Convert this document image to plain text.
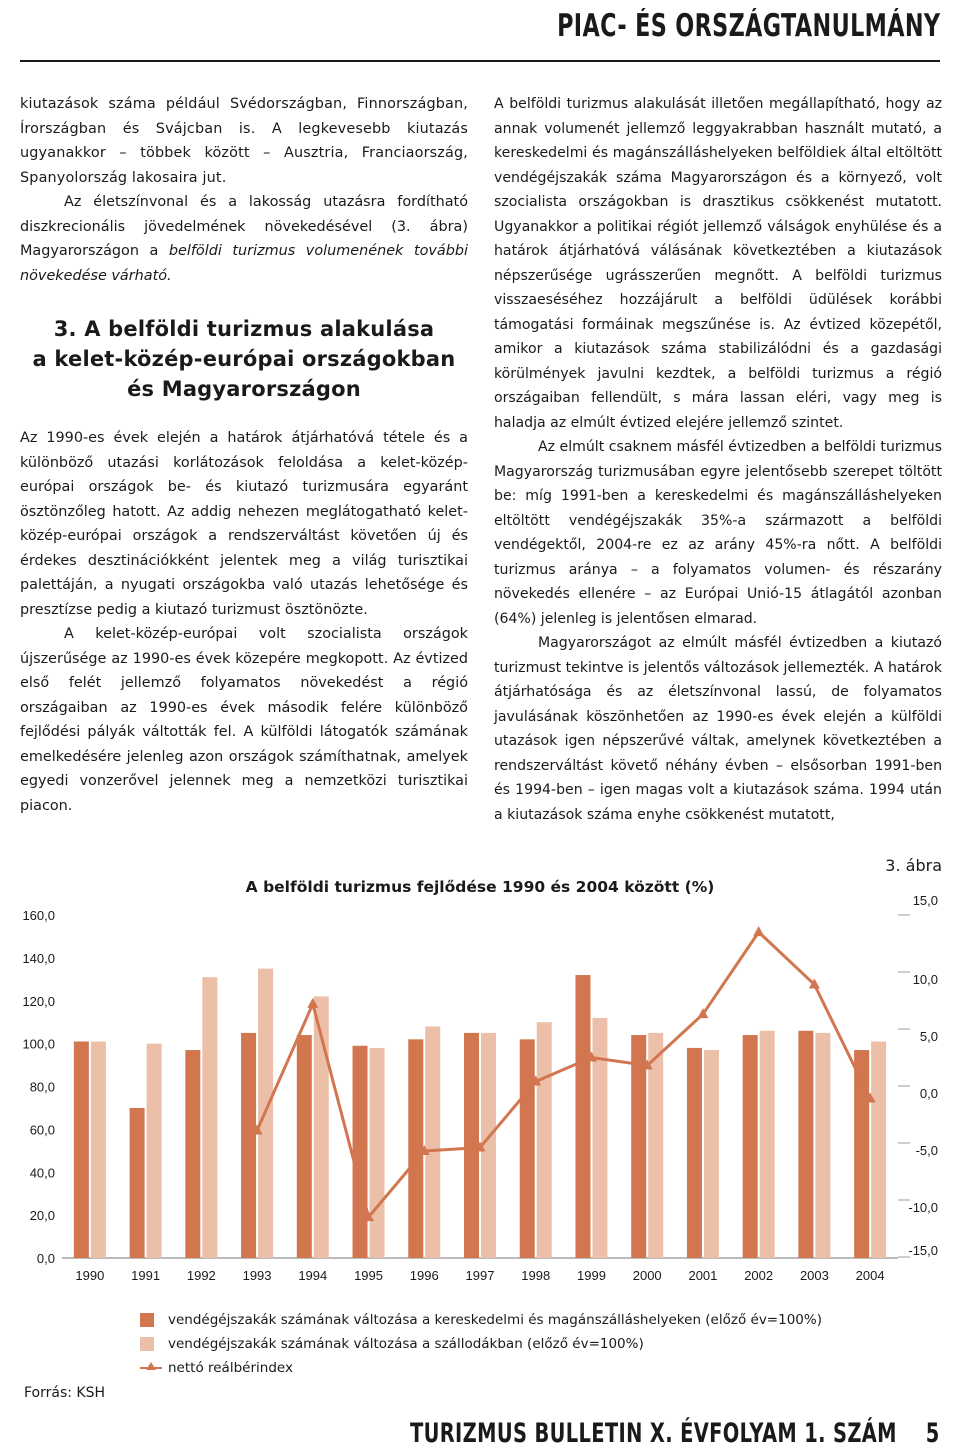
PIAC- ÉS ORSZÁGTANULMÁNY

kiutazások száma például Svédországban, Finnországban, Írországban és Svájcban is. A legkevesebb kiutazás ugyanakkor – többek között – Ausztria, Franciaország, Spanyolország lakosaira jut.

Az életszínvonal és a lakosság utazásra fordítható diszkrecionális jövedelmének növekedésével (3. ábra) Magyarországon a belföldi turizmus volumenének további növekedése várható.

3. A belföldi turizmus alakulása
a kelet-közép-európai országokban
és Magyarországon

Az 1990-es évek elején a határok átjárhatóvá tétele és a különböző utazási korlátozások feloldása a kelet-közép-európai országok be- és kiutazó turizmusára egyaránt ösztönzőleg hatott. Az addig nehezen meglátogatható kelet-közép-európai országok a rendszerváltást követően új és érdekes desztinációkként jelentek meg a világ turisztikai palettáján, a nyugati országokba való utazás lehetősége és presztízse pedig a kiutazó turizmust ösztönözte.

A kelet-közép-európai volt szocialista országok újszerűsége az 1990-es évek közepére megkopott. Az évtized első felét jellemző folyamatos növekedést a régió országaiban az 1990-es évek második felére különböző fejlődési pályák váltották fel. A külföldi látogatók számának emelkedésére jelenleg azon országok számíthatnak, amelyek egyedi vonzerővel jelennek meg a nemzetközi turisztikai piacon.

A belföldi turizmus alakulását illetően megállapítható, hogy az annak volumenét jellemző leggyakrabban használt mutató, a kereskedelmi és magánszálláshelyeken belföldiek által eltöltött vendégéjszakák száma Magyarországon és a környező, volt szocialista országokban is drasztikus csökkenést mutatott. Ugyanakkor a politikai régiót jellemző válságok enyhülése és a határok átjárhatóvá válásának következtében a kiutazások népszerűsége ugrásszerűen megnőtt. A belföldi turizmus visszaeséséhez hozzájárult a belföldi üdülések korábbi támogatási formáinak megszűnése is. Az évtized közepétől, amikor a kiutazások száma stabilizálódni és a gazdasági körülmények javulni kezdtek, a belföldi turizmus a régió országaiban fellendült, s mára lassan eléri, vagy meg is haladja az elmúlt évtized elejére jellemző szintet.

Az elmúlt csaknem másfél évtizedben a belföldi turizmus Magyarország turizmusában egyre jelentősebb szerepet töltött be: míg 1991-ben a kereskedelmi és magánszálláshelyeken eltöltött vendégéjszakák 35%-a származott a belföldi vendégektől, 2004-re ez az arány 45%-ra nőtt. A belföldi turizmus aránya – a folyamatos volumen- és részarány növekedés ellenére – az Európai Unió-15 átlagától azonban (64%) jelenleg is jelentősen elmarad.

Magyarországot az elmúlt másfél évtizedben a kiutazó turizmust tekintve is jelentős változások jellemezték. A határok átjárhatósága és az életszínvonal lassú, de folyamatos javulásának köszönhetően az 1990-es évek elején a külföldi utazások igen népszerűvé váltak, amelynek következtében a rendszerváltást követő néhány évben – elsősorban 1991-ben és 1994-ben – igen magas volt a kiutazások száma. 1994 után a kiutazások száma enyhe csökkenést mutatott,

3. ábra
A belföldi turizmus fejlődése 1990 és 2004 között (%)
0,0
20,0
40,0
60,0
80,0
100,0
120,0
140,0
160,0
-15,0
-10,0
-5,0
0,0
5,0
10,0
15,0
1990 1991 1992 1993 1994 1995 1996 1997 1998 1999 2000 2001 2002 2003 2004
vendégéjszakák számának változása a kereskedelmi és magánszálláshelyeken (előző év=100%)
vendégéjszakák számának változása a szállodákban (előző év=100%)
nettó reálbérindex
Forrás: KSH
TURIZMUS BULLETIN X. ÉVFOLYAM 1. SZÁM 5
